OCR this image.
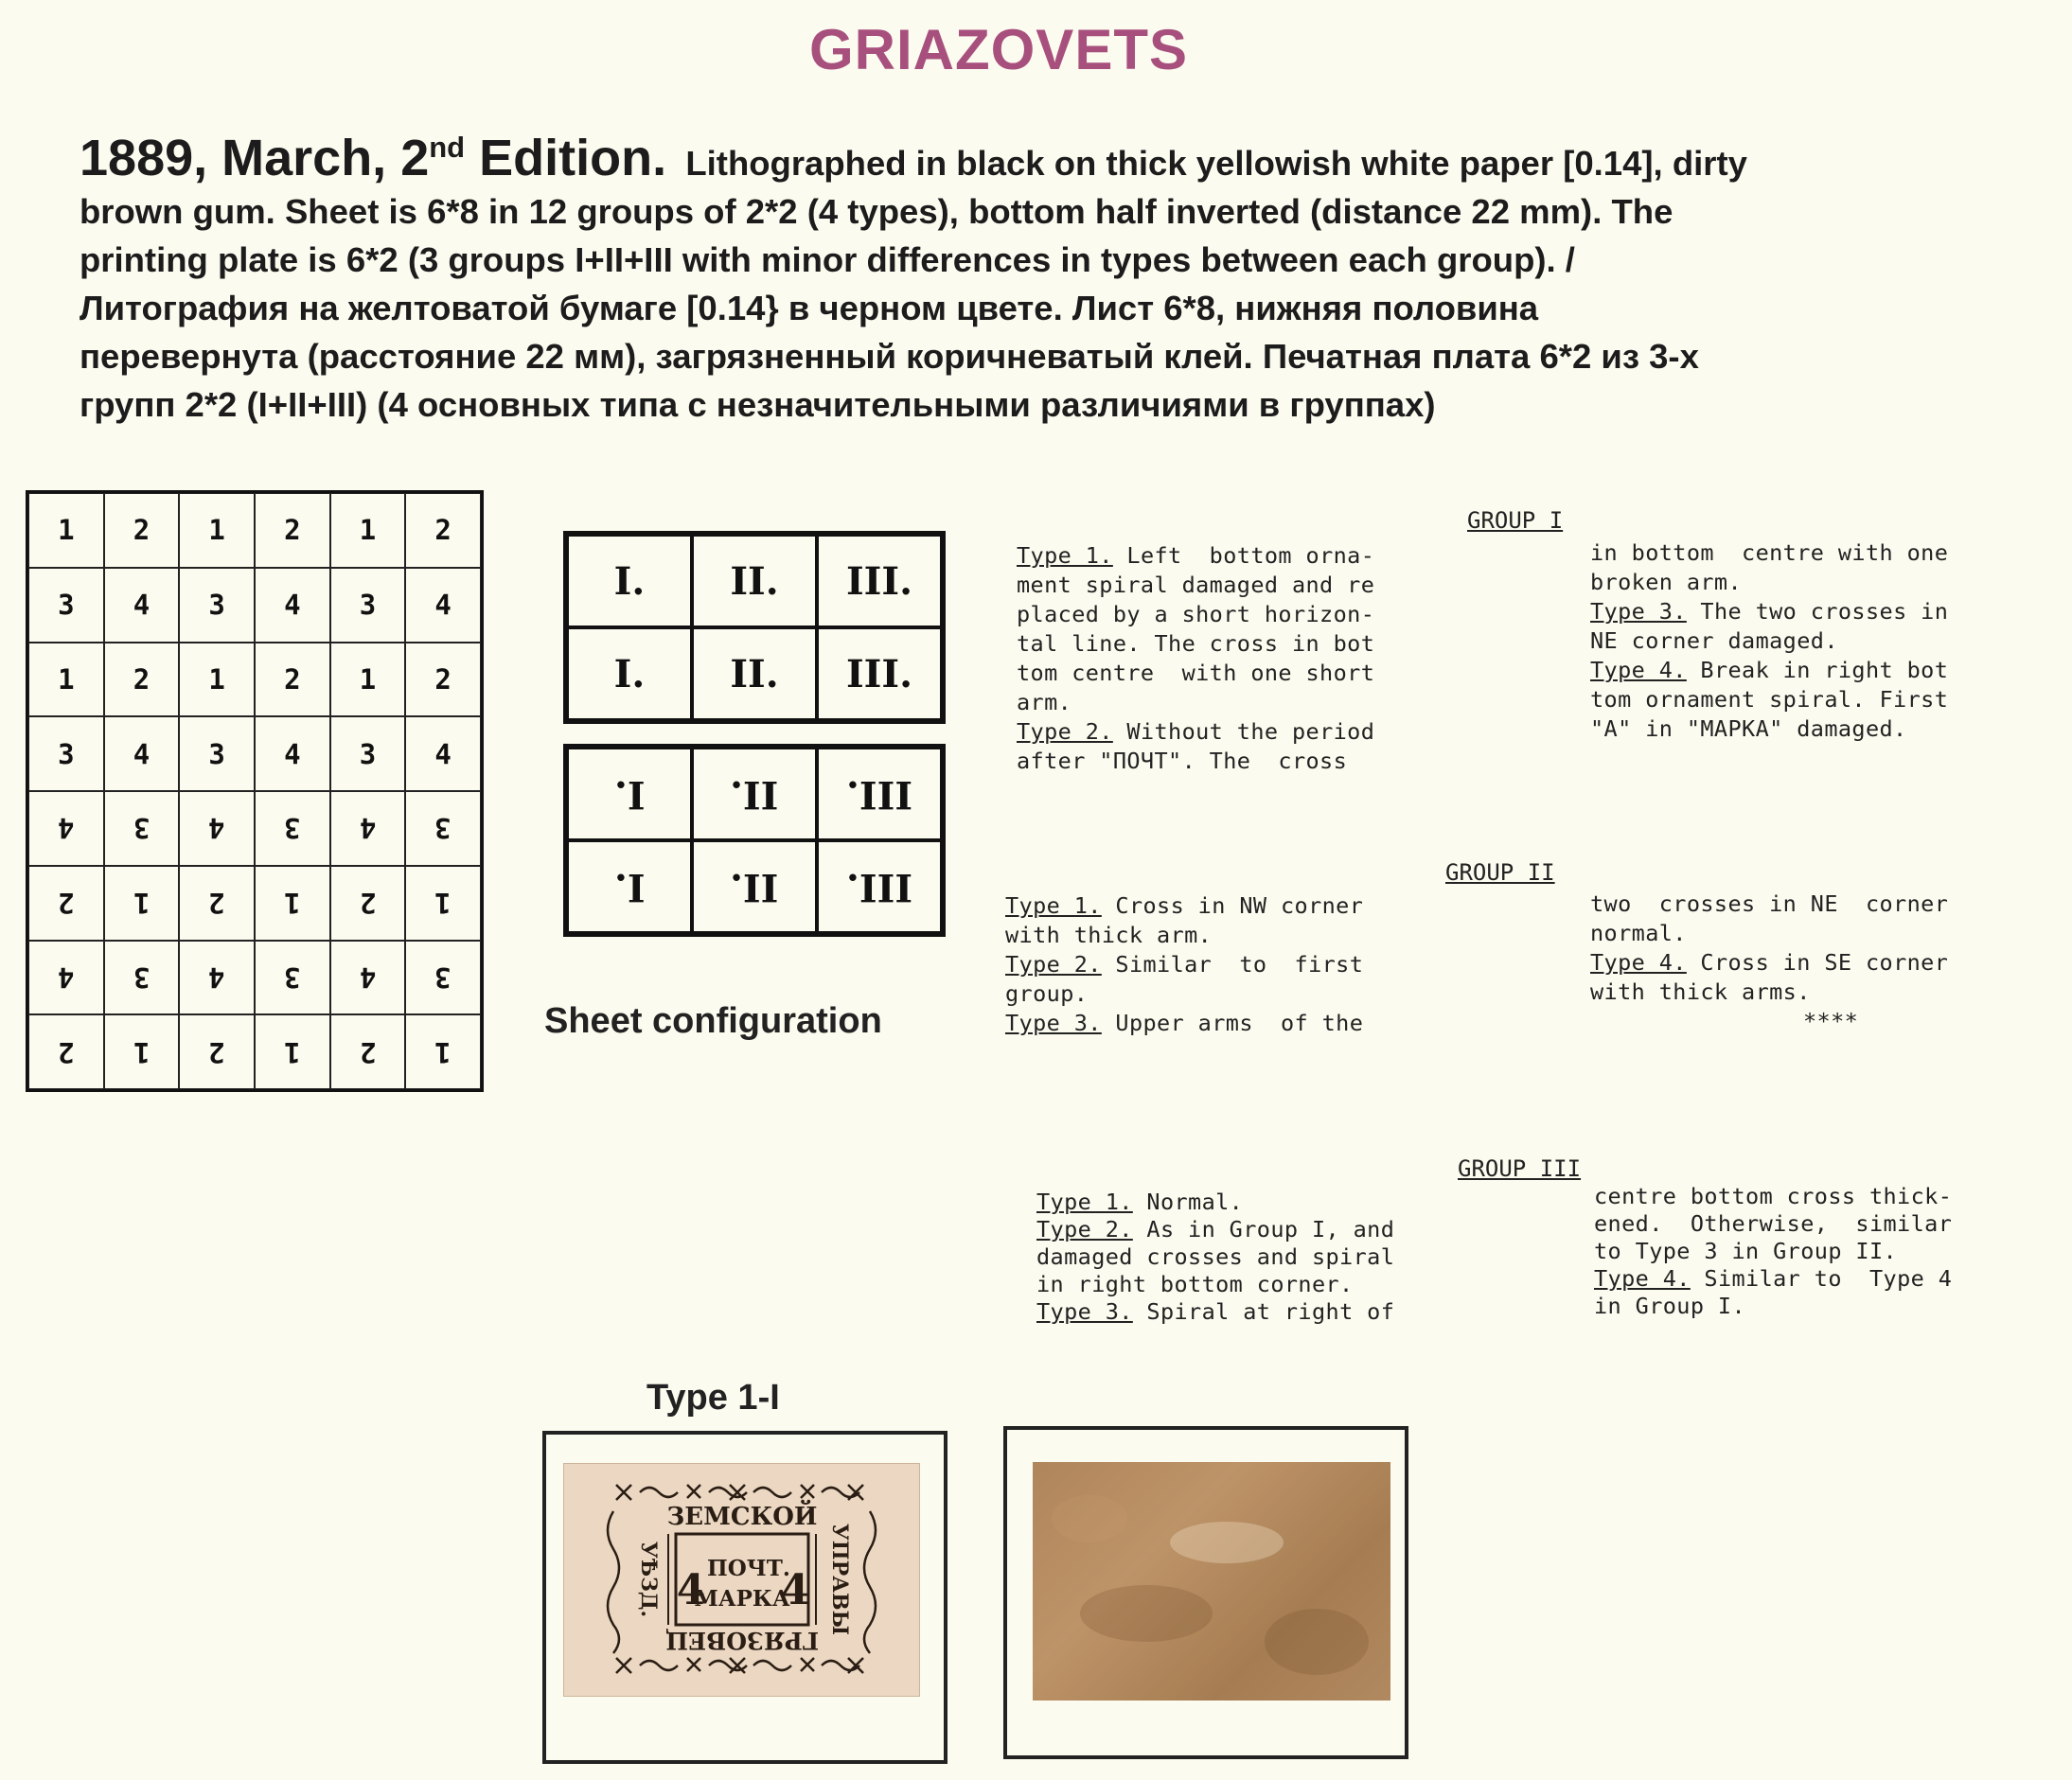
GRIAZOVETS
1889, March, 2nd Edition. Lithographed in black on thick yellowish white paper [0.14], dirty
brown gum. Sheet is 6*8 in 12 groups of 2*2 (4 types), bottom half inverted (distance 22 mm). The
printing plate is 6*2 (3 groups I+II+III with minor differences in types between each group). /
Литография на желтоватой бумаге [0.14} в черном цвете. Лист 6*8, нижняя половина
перевернута (расстояние 22 мм), загрязненный коричневатый клей. Печатная плата 6*2 из 3-х
групп 2*2 (I+II+III) (4 основных типа с незначительными различиями в группах)
1 2 1 2 1 2
3 4 3 4 3 4
1 2 1 2 1 2
3 4 3 4 3 4
4 3 4 3 4 3
2 1 2 1 2 1
4 3 4 3 4 3
2 1 2 1 2 1
I. II. III.
I. II. III.
I. II. III.
I. II. III.
Sheet configuration
GROUP I
Type 1. Left  bottom orna-
ment spiral damaged and re
placed by a short horizon-
tal line. The cross in bot
tom centre  with one short
arm.
Type 2. Without the period
after "ПОЧТ". The  cross
in bottom  centre with one
broken arm.
Type 3. The two crosses in
NE corner damaged.
Type 4. Break in right bot
tom ornament spiral. First
"A" in "MAPKA" damaged.
GROUP II
Type 1. Cross in NW corner
with thick arm.
Type 2. Similar  to  first
group.
Type 3. Upper arms  of the
two  crosses in NE  corner
normal.
Type 4. Cross in SE corner
with thick arms.
****
GROUP III
Type 1. Normal.
Type 2. As in Group I, and
damaged crosses and spiral
in right bottom corner.
Type 3. Spiral at right of
centre bottom cross thick-
ened.  Otherwise,  similar
to Type 3 in Group II.
Type 4. Similar to  Type 4
in Group I.
Type 1-I
ЗЕМСКОЙ
ПОЧТ.
МАРКА
4 4
ГРЯЗОВЕЦ
УѢЗД.	УПРАВЫ
